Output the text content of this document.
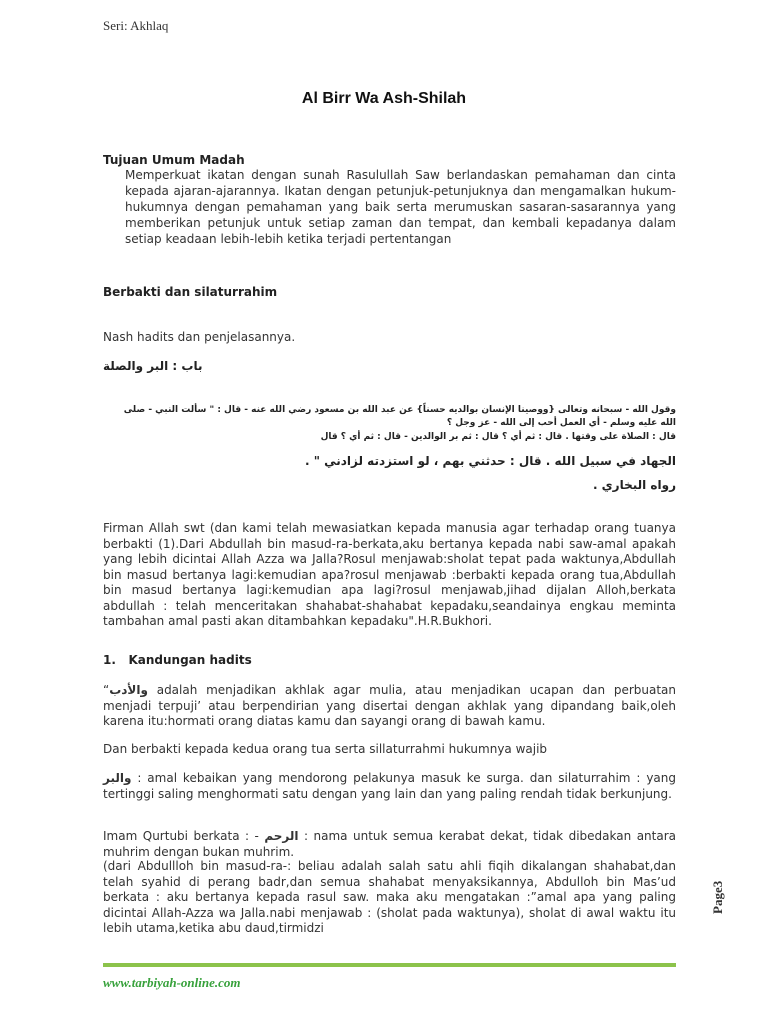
Seri: Akhlaq
Al Birr Wa Ash-Shilah
Tujuan Umum Madah
Memperkuat ikatan dengan sunah Rasulullah Saw berlandaskan pemahaman dan cinta kepada ajaran-ajarannya. Ikatan dengan petunjuk-petunjuknya dan mengamalkan hukum-hukumnya dengan pemahaman yang baik serta merumuskan sasaran-sasarannya yang memberikan petunjuk untuk setiap zaman dan tempat, dan kembali kepadanya dalam setiap keadaan lebih-lebih ketika terjadi pertentangan
Berbakti dan silaturrahim
Nash hadits dan penjelasannya.
باب : البر والصلة
وقول الله - سبحانه وتعالى {ووصينا الإنسان بوالديه حسناً} عن عبد الله بن مسعود رضي الله عنه - قال : " سألت النبي - صلى
الله عليه وسلم - أي العمل أحب إلى الله - عز وجل ؟
قال : الصلاة على وقتها . قال : ثم أي ؟ قال : ثم بر الوالدين - قال : ثم أي ؟ قال
الجهاد في سبيل الله . قال : حدثني بهم ، لو استزدته لزادني " .
رواه البخاري .
Firman Allah swt (dan kami telah mewasiatkan kepada manusia agar terhadap orang tuanya berbakti (1).Dari Abdullah bin masud-ra-berkata,aku bertanya kepada nabi saw-amal apakah yang lebih dicintai Allah Azza wa Jalla?Rosul menjawab:sholat tepat pada waktunya,Abdullah bin masud bertanya lagi:kemudian apa?rosul menjawab :berbakti kepada orang tua,Abdullah bin masud bertanya lagi:kemudian apa lagi?rosul menjawab,jihad dijalan Alloh,berkata abdullah : telah menceritakan shahabat-shahabat kepadaku,seandainya engkau meminta tambahan amal pasti akan ditambahkan kepadaku".H.R.Bukhori.
1. Kandungan hadits
“والأدب adalah menjadikan akhlak agar mulia, atau menjadikan ucapan dan perbuatan menjadi terpuji’ atau berpendirian yang disertai dengan akhlak yang dipandang baik,oleh karena itu:hormati orang diatas kamu dan sayangi orang di bawah kamu.
Dan berbakti kepada kedua orang tua serta sillaturrahmi hukumnya wajib
والبر : amal kebaikan yang mendorong pelakunya masuk ke surga. dan silaturrahim : yang tertinggi saling menghormati satu dengan yang lain dan yang paling rendah tidak berkunjung.
Imam Qurtubi berkata : - الرحم : nama untuk semua kerabat dekat, tidak dibedakan antara muhrim dengan bukan muhrim.
(dari Abdullloh bin masud-ra-: beliau adalah salah satu ahli fiqih dikalangan shahabat,dan telah syahid di perang badr,dan semua shahabat menyaksikannya, Abdulloh bin Mas’ud berkata : aku bertanya kepada rasul saw. maka aku mengatakan :”amal apa yang paling dicintai Allah-Azza wa Jalla.nabi menjawab : (sholat pada waktunya), sholat di awal waktu itu lebih utama,ketika abu daud,tirmidzi
Page3
www.tarbiyah-online.com
